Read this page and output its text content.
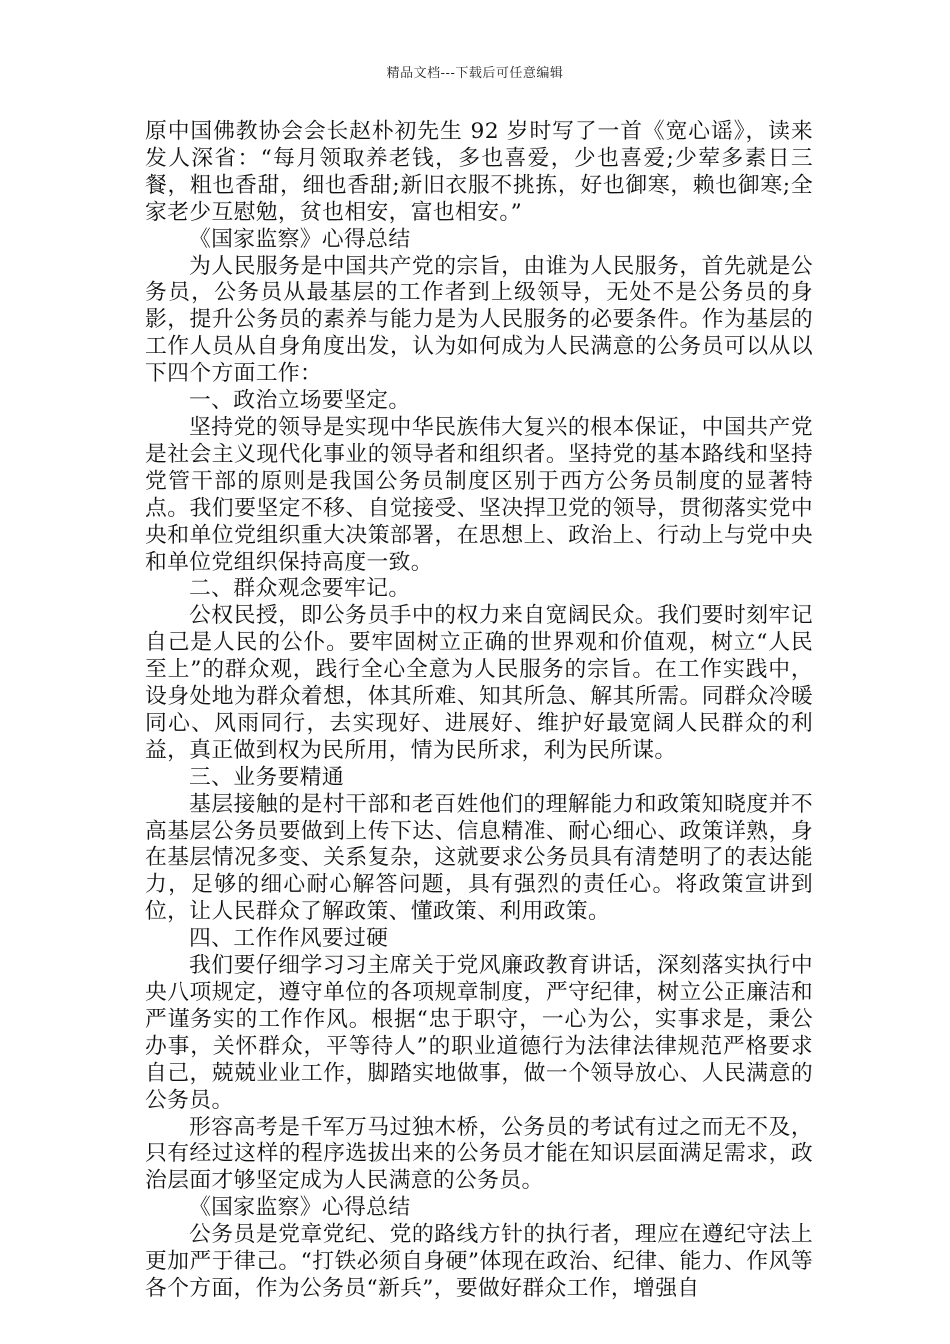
精品文档---下载后可任意编辑

原中国佛教协会会长赵朴初先生 92 岁时写了一首《宽心谣》，读来发人深省：“每月领取养老钱，多也喜爱，少也喜爱;少荤多素日三餐，粗也香甜，细也香甜;新旧衣服不挑拣，好也御寒，赖也御寒;全家老少互慰勉，贫也相安，富也相安。”

《国家监察》心得总结

为人民服务是中国共产党的宗旨，由谁为人民服务，首先就是公务员，公务员从最基层的工作者到上级领导，无处不是公务员的身影，提升公务员的素养与能力是为人民服务的必要条件。作为基层的工作人员从自身角度出发，认为如何成为人民满意的公务员可以从以下四个方面工作：

一、政治立场要坚定。

坚持党的领导是实现中华民族伟大复兴的根本保证，中国共产党是社会主义现代化事业的领导者和组织者。坚持党的基本路线和坚持党管干部的原则是我国公务员制度区别于西方公务员制度的显著特点。我们要坚定不移、自觉接受、坚决捍卫党的领导，贯彻落实党中央和单位党组织重大决策部署，在思想上、政治上、行动上与党中央和单位党组织保持高度一致。

二、群众观念要牢记。

公权民授，即公务员手中的权力来自宽阔民众。我们要时刻牢记自己是人民的公仆。要牢固树立正确的世界观和价值观，树立“人民至上”的群众观，践行全心全意为人民服务的宗旨。在工作实践中，设身处地为群众着想，体其所难、知其所急、解其所需。同群众冷暖同心、风雨同行，去实现好、进展好、维护好最宽阔人民群众的利益，真正做到权为民所用，情为民所求，利为民所谋。

三、业务要精通

基层接触的是村干部和老百姓他们的理解能力和政策知晓度并不高基层公务员要做到上传下达、信息精准、耐心细心、政策详熟，身在基层情况多变、关系复杂，这就要求公务员具有清楚明了的表达能力，足够的细心耐心解答问题，具有强烈的责任心。将政策宣讲到位，让人民群众了解政策、懂政策、利用政策。

四、工作作风要过硬

我们要仔细学习习主席关于党风廉政教育讲话，深刻落实执行中央八项规定，遵守单位的各项规章制度，严守纪律，树立公正廉洁和严谨务实的工作作风。根据“忠于职守，一心为公，实事求是，秉公办事，关怀群众，平等待人”的职业道德行为法律法律规范严格要求自己，兢兢业业工作，脚踏实地做事，做一个领导放心、人民满意的公务员。

形容高考是千军万马过独木桥，公务员的考试有过之而无不及，只有经过这样的程序选拔出来的公务员才能在知识层面满足需求，政治层面才够坚定成为人民满意的公务员。

《国家监察》心得总结

公务员是党章党纪、党的路线方针的执行者，理应在遵纪守法上更加严于律己。“打铁必须自身硬”体现在政治、纪律、能力、作风等各个方面，作为公务员“新兵”，要做好群众工作，增强自
